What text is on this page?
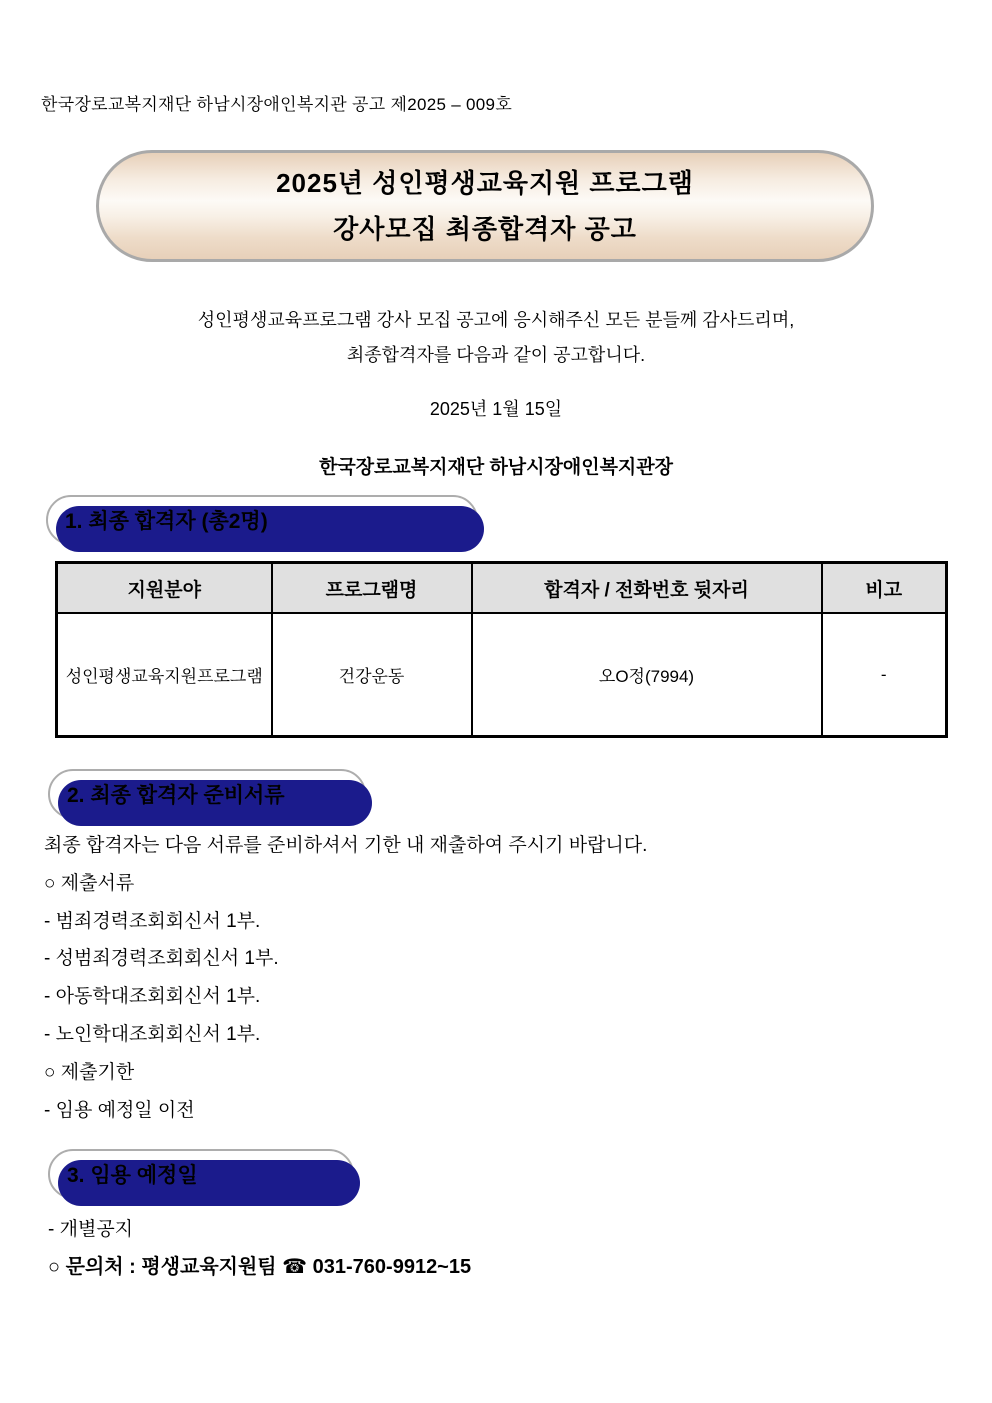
한국장로교복지재단 하남시장애인복지관 공고 제2025 – 009호
2025년 성인평생교육지원 프로그램
강사모집 최종합격자 공고
성인평생교육프로그램 강사 모집 공고에 응시해주신 모든 분들께 감사드리며,
최종합격자를 다음과 같이 공고합니다.
2025년 1월 15일
한국장로교복지재단 하남시장애인복지관장
1. 최종 합격자 (총2명)
지원분야	프로그램명	합격자 / 전화번호 뒷자리	비고
성인평생교육지원프로그램	건강운동	오O정(7994)	-
2. 최종 합격자 준비서류

최종 합격자는 다음 서류를 준비하셔서 기한 내 재출하여 주시기 바랍니다.

○ 제출서류

- 범죄경력조회회신서 1부.

- 성범죄경력조회회신서 1부.

- 아동학대조회회신서 1부.

- 노인학대조회회신서 1부.

○ 제출기한

- 임용 예정일 이전

3. 임용 예정일

- 개별공지

○ 문의처 : 평생교육지원팀 ☎ 031-760-9912~15
